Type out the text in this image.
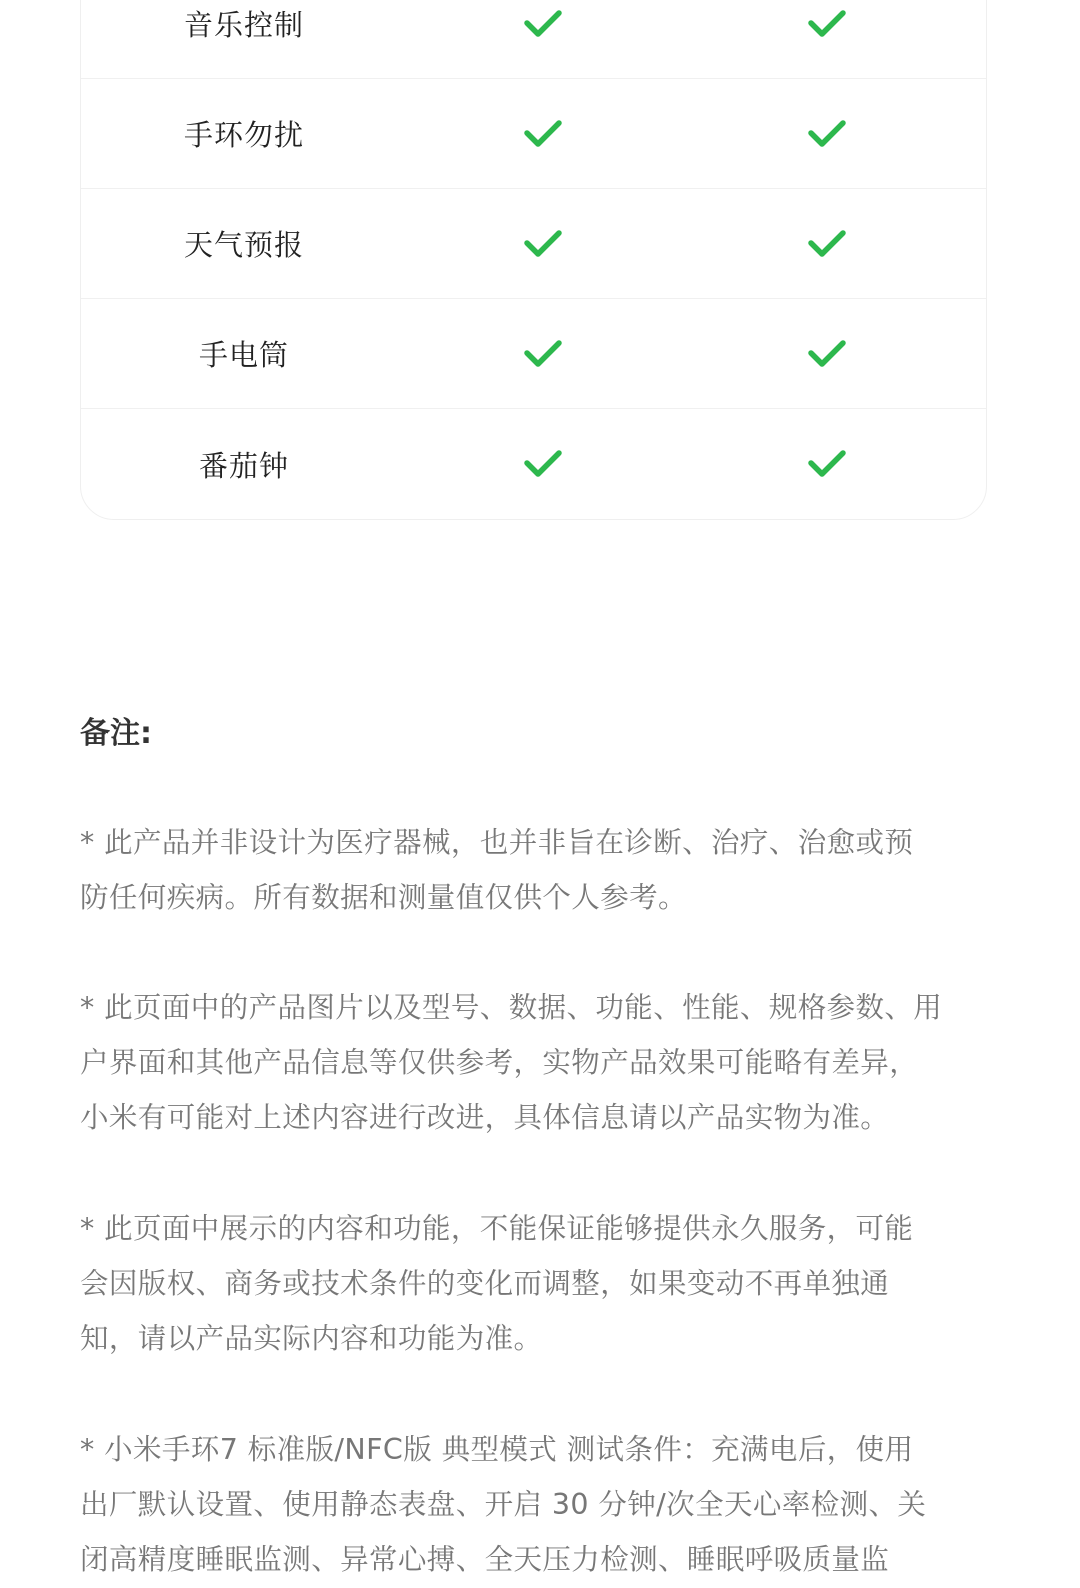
音乐控制
手环勿扰
天气预报
手电筒
番茄钟
备注:
* 此产品并非设计为医疗器械，也并非旨在诊断、治疗、治愈或预
防任何疾病。所有数据和测量值仅供个人参考。
* 此页面中的产品图片以及型号、数据、功能、性能、规格参数、用
户界面和其他产品信息等仅供参考，实物产品效果可能略有差异，
小米有可能对上述内容进行改进，具体信息请以产品实物为准。
* 此页面中展示的内容和功能，不能保证能够提供永久服务，可能
会因版权、商务或技术条件的变化而调整，如果变动不再单独通
知，请以产品实际内容和功能为准。
* 小米手环7 标准版/NFC版 典型模式 测试条件：充满电后，使用
出厂默认设置、使用静态表盘、开启 30 分钟/次全天心率检测、关
闭高精度睡眠监测、异常心搏、全天压力检测、睡眠呼吸质量监
